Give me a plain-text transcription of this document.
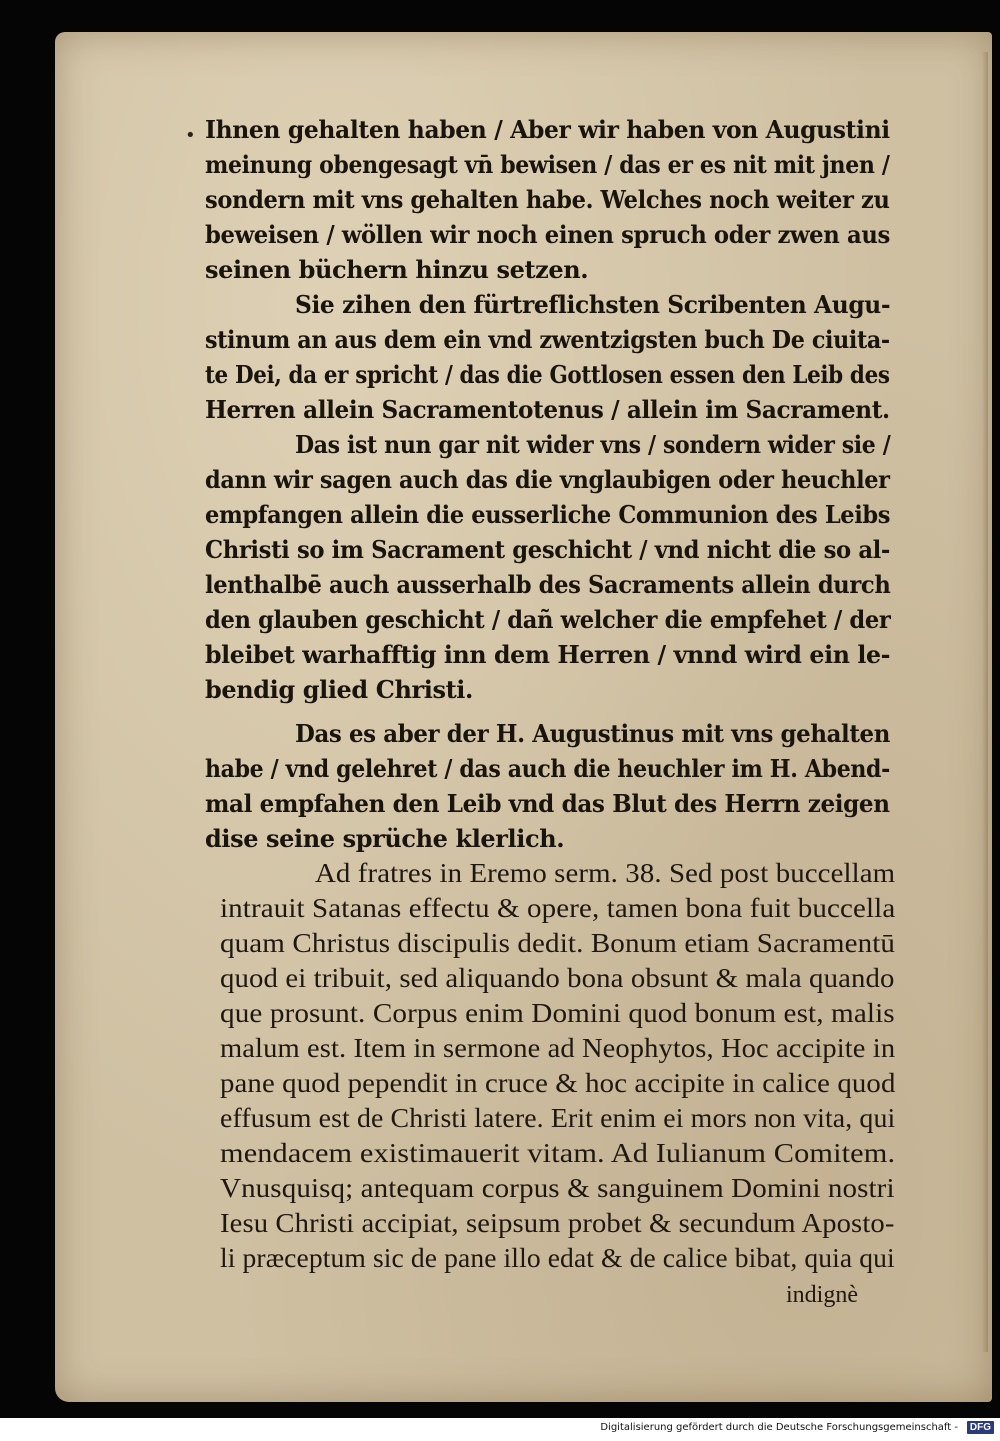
• Ihnen gehalten haben / Aber wir haben von Augustini
meinung obengesagt vn̄ bewisen / das er es nit mit jnen /
sondern mit vns gehalten habe. Welches noch weiter zu
beweisen / wöllen wir noch einen spruch oder zwen aus
seinen büchern hinzu setzen.
Sie zihen den fürtreflichsten Scribenten Augu-
stinum an aus dem ein vnd zwentzigsten buch De ciuita-
te Dei, da er spricht / das die Gottlosen essen den Leib des
Herren allein Sacramentotenus / allein im Sacrament.
Das ist nun gar nit wider vns / sondern wider sie /
dann wir sagen auch das die vnglaubigen oder heuchler
empfangen allein die eusserliche Communion des Leibs
Christi so im Sacrament geschicht / vnd nicht die so al-
lenthalbē auch ausserhalb des Sacraments allein durch
den glauben geschicht / dañ welcher die empfehet / der
bleibet warhafftig inn dem Herren / vnnd wird ein le-
bendig glied Christi.
Das es aber der H. Augustinus mit vns gehalten
habe / vnd gelehret / das auch die heuchler im H. Abend-
mal empfahen den Leib vnd das Blut des Herrn zeigen
dise seine sprüche klerlich.
Ad fratres in Eremo serm. 38. Sed post buccellam
intrauit Satanas effectu & opere, tamen bona fuit buccella
quam Christus discipulis dedit. Bonum etiam Sacramentū
quod ei tribuit, sed aliquando bona obsunt & mala quando
que prosunt. Corpus enim Domini quod bonum est, malis
malum est. Item in sermone ad Neophytos, Hoc accipite in
pane quod pependit in cruce & hoc accipite in calice quod
effusum est de Christi latere. Erit enim ei mors non vita, qui
mendacem existimauerit vitam. Ad Iulianum Comitem.
Vnusquisq; antequam corpus & sanguinem Domini nostri
Iesu Christi accipiat, seipsum probet & secundum Aposto-
li præceptum sic de pane illo edat & de calice bibat, quia qui
indignè
Digitalisierung gefördert durch die Deutsche Forschungsgemeinschaft -	DFG
